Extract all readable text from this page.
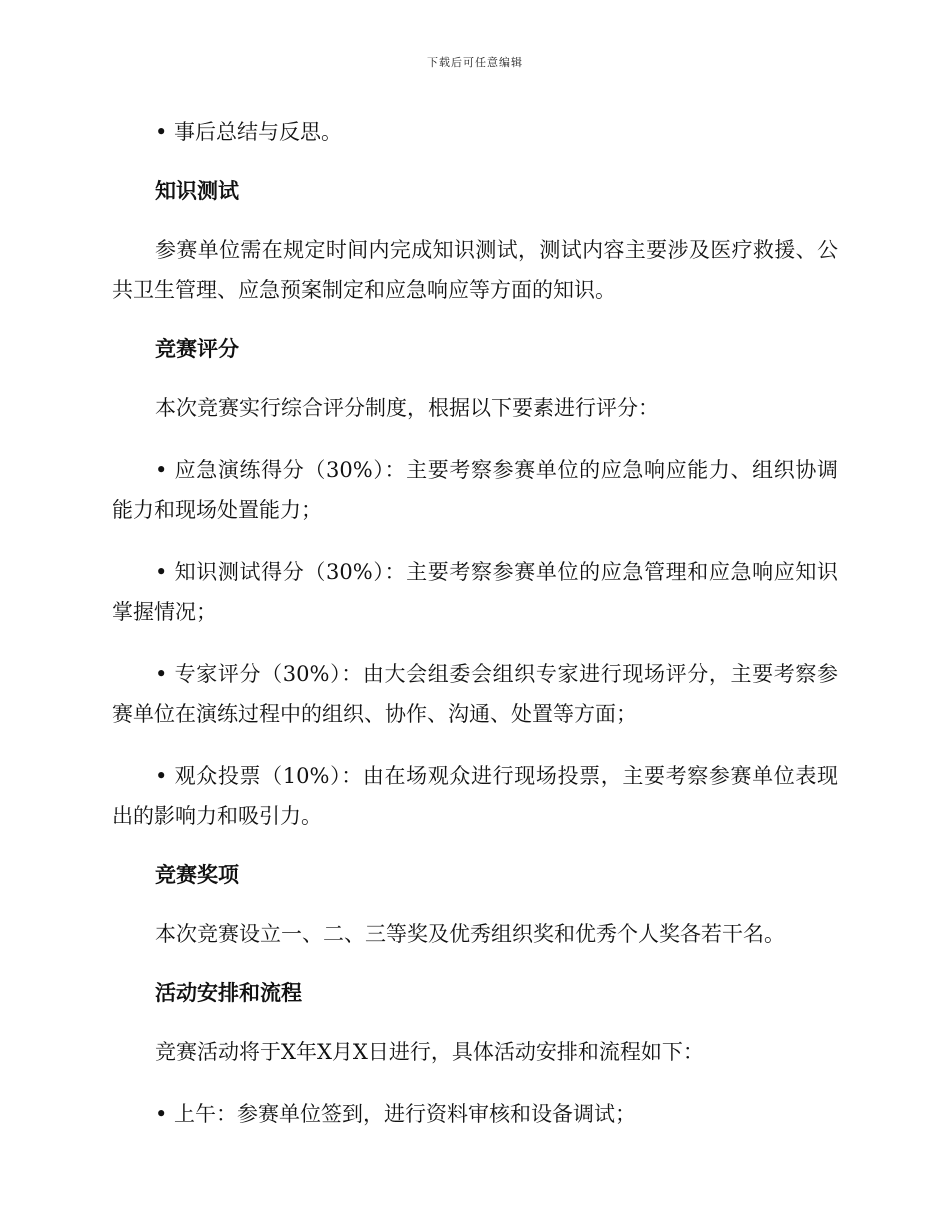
下载后可任意编辑

• 事后总结与反思。

知识测试

参赛单位需在规定时间内完成知识测试，测试内容主要涉及医疗救援、公共卫生管理、应急预案制定和应急响应等方面的知识。

竞赛评分

本次竞赛实行综合评分制度，根据以下要素进行评分：

• 应急演练得分（30%）：主要考察参赛单位的应急响应能力、组织协调能力和现场处置能力；

• 知识测试得分（30%）：主要考察参赛单位的应急管理和应急响应知识掌握情况；

• 专家评分（30%）：由大会组委会组织专家进行现场评分，主要考察参赛单位在演练过程中的组织、协作、沟通、处置等方面；

• 观众投票（10%）：由在场观众进行现场投票，主要考察参赛单位表现出的影响力和吸引力。

竞赛奖项

本次竞赛设立一、二、三等奖及优秀组织奖和优秀个人奖各若干名。

活动安排和流程

竞赛活动将于X年X月X日进行，具体活动安排和流程如下：

• 上午：参赛单位签到，进行资料审核和设备调试；
